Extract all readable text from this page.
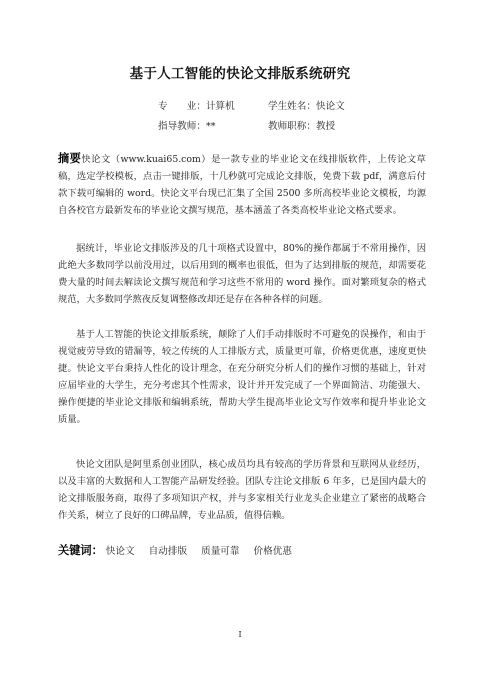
基于人工智能的快论文排版系统研究
专　　业：计算机	学生姓名：快论文
指导教师：**	教师职称：教授
摘要快论文（www.kuai65.com）是一款专业的毕业论文在线排版软件，上传论文草稿，选定学校模板，点击一键排版，十几秒就可完成论文排版，免费下载 pdf，满意后付款下载可编辑的 word。快论文平台现已汇集了全国 2500 多所高校毕业论文模板，均源自各校官方最新发布的毕业论文撰写规范，基本涵盖了各类高校毕业论文格式要求。
据统计，毕业论文排版涉及的几十项格式设置中，80%的操作都属于不常用操作，因此绝大多数同学以前没用过，以后用到的概率也很低，但为了达到排版的规范，却需要花费大量的时间去解读论文撰写规范和学习这些不常用的 word 操作。面对繁琐复杂的格式规范，大多数同学熬夜反复调整修改却还是存在各种各样的问题。
基于人工智能的快论文排版系统，颠除了人们手动排版时不可避免的误操作，和由于视觉疲劳导致的错漏等，较之传统的人工排版方式，质量更可靠，价格更优惠，速度更快捷。快论文平台秉持人性化的设计理念，在充分研究分析人们的操作习惯的基础上，针对应届毕业的大学生，充分考虑其个性需求，设计并开发完成了一个界面简洁、功能强大、操作便捷的毕业论文排版和编辑系统，帮助大学生提高毕业论文写作效率和提升毕业论文质量。
快论文团队是阿里系创业团队，核心成员均具有较高的学历背景和互联网从业经历，以及丰富的大数据和人工智能产品研发经验。团队专注论文排版 6 年多，已是国内最大的论文排版服务商，取得了多项知识产权，并与多家相关行业龙头企业建立了紧密的战略合作关系，树立了良好的口碑品牌，专业品质，值得信赖。
关键词： 快论文 自动排版 质量可靠 价格优惠
I
